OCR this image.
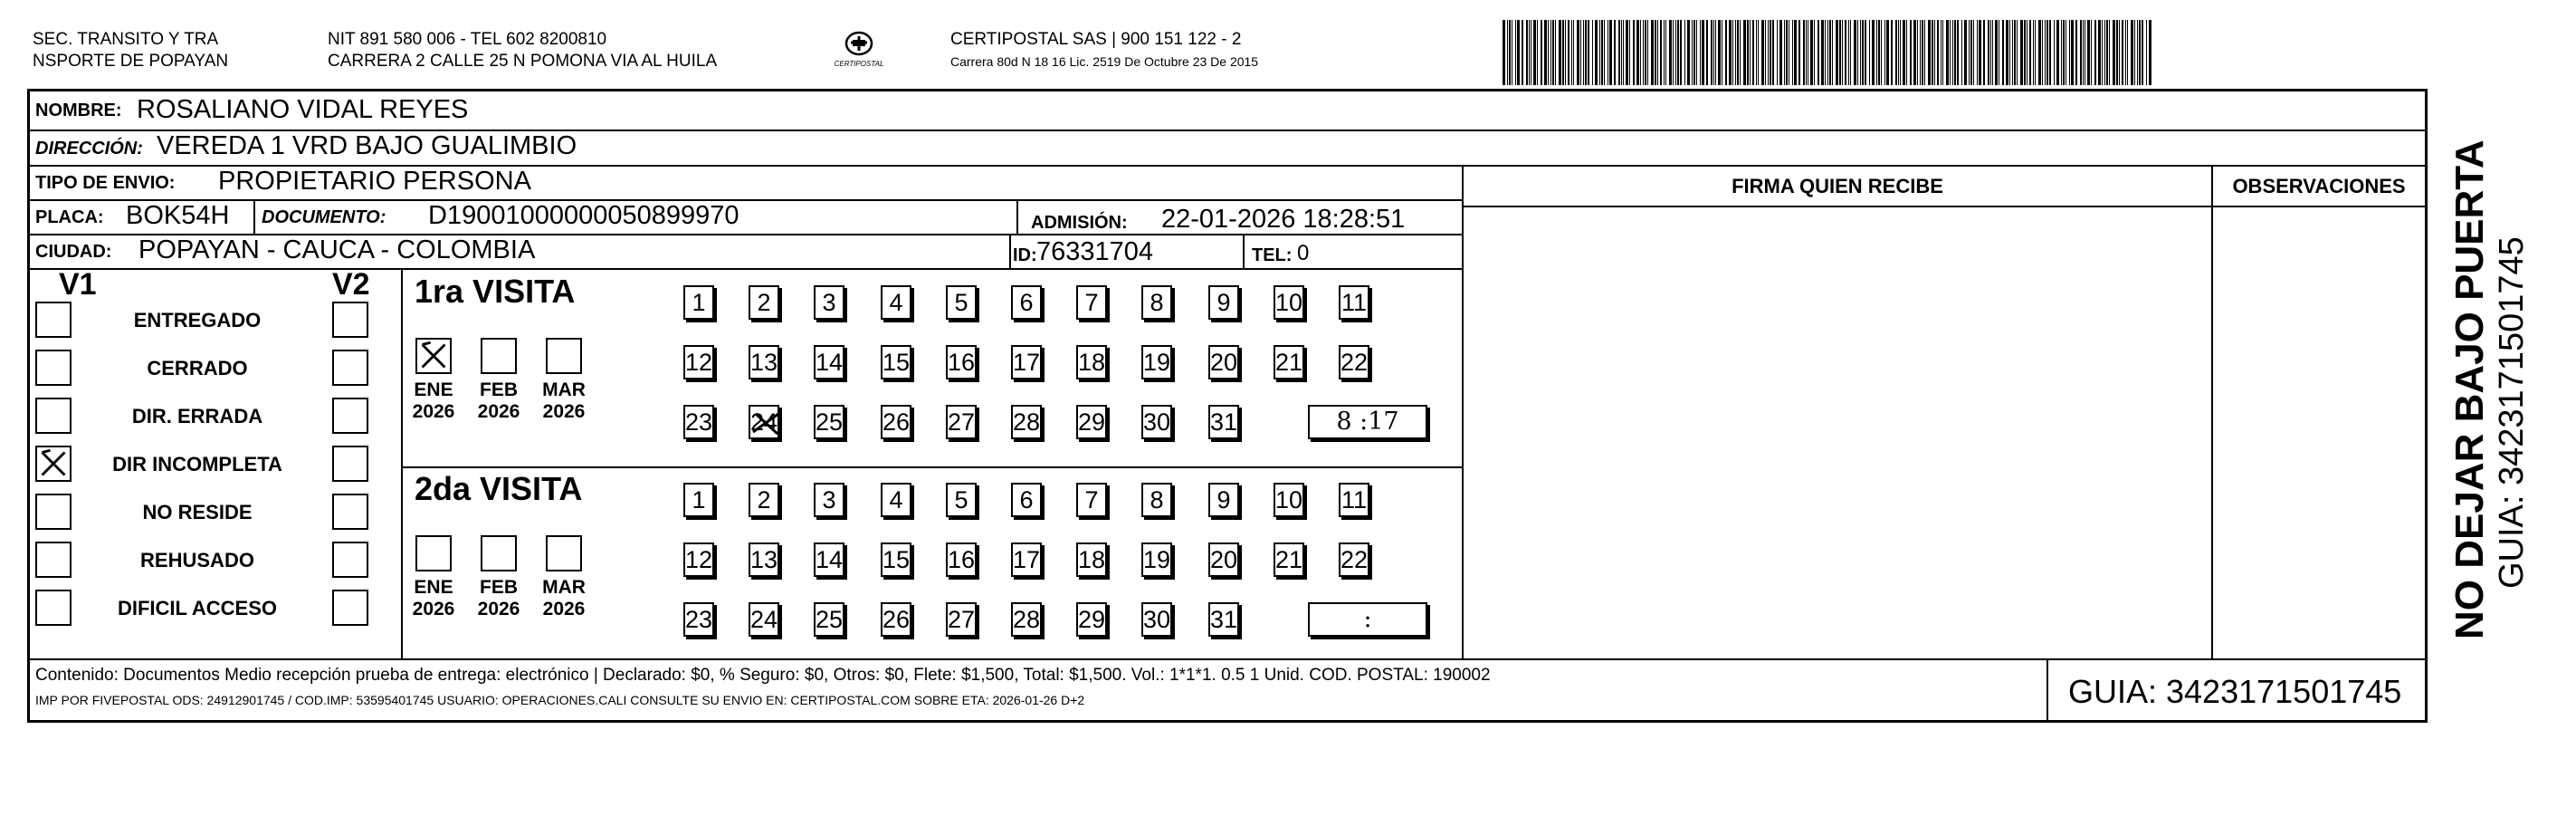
SEC. TRANSITO Y TRA
NSPORTE DE POPAYAN
NIT 891 580 006 - TEL 602 8200810
CARRERA 2 CALLE 25 N POMONA VIA AL HUILA	CERTIPOSTAL
CERTIPOSTAL SAS | 900 151 122 - 2
Carrera 80d N 18 16 Lic. 2519 De Octubre 23 De 2015
NOMBRE: ROSALIANO VIDAL REYES
DIRECCIÓN: VEREDA 1 VRD BAJO GUALIMBIO
TIPO DE ENVIO: PROPIETARIO PERSONA	FIRMA QUIEN RECIBE	OBSERVACIONES
PLACA: BOK54H DOCUMENTO: D19001000000050899970	ADMISIÓN: 22-01-2026 18:28:51
CIUDAD: POPAYAN - CAUCA - COLOMBIA	ID: 76331704	TEL: 0
V1	V2
Contenido: Documentos Medio recepción prueba de entrega: electrónico | Declarado: $0, % Seguro: $0, Otros: $0, Flete: $1,500, Total: $1,500. Vol.: 1*1*1. 0.5 1 Unid. COD. POSTAL: 190002
IMP POR FIVEPOSTAL ODS: 24912901745 / COD.IMP: 53595401745 USUARIO: OPERACIONES.CALI CONSULTE SU ENVIO EN: CERTIPOSTAL.COM SOBRE ETA: 2026-01-26 D+2	GUIA: 3423171501745
ENTREGADO
CERRADO
DIR. ERRADA
DIR INCOMPLETA
NO RESIDE
REHUSADO
DIFICIL ACCESO
1ra VISITA
ENE
2026
FEB
2026
MAR
2026
1	2	3	4	5	6	7	8	9	10 11
12 13 14 15 16 17 18 19 20 21 22
23 24 25 26 27 28 29 30 31	8 :17
2da VISITA
ENE
2026
FEB
2026
MAR
2026
1	2	3	4	5	6	7	8	9	10 11
12 13 14 15 16 17 18 19 20 21 22
23 24 25 26 27 28 29 30 31	:	NO DEJAR BAJO PUERTA GUIA: 3423171501745
